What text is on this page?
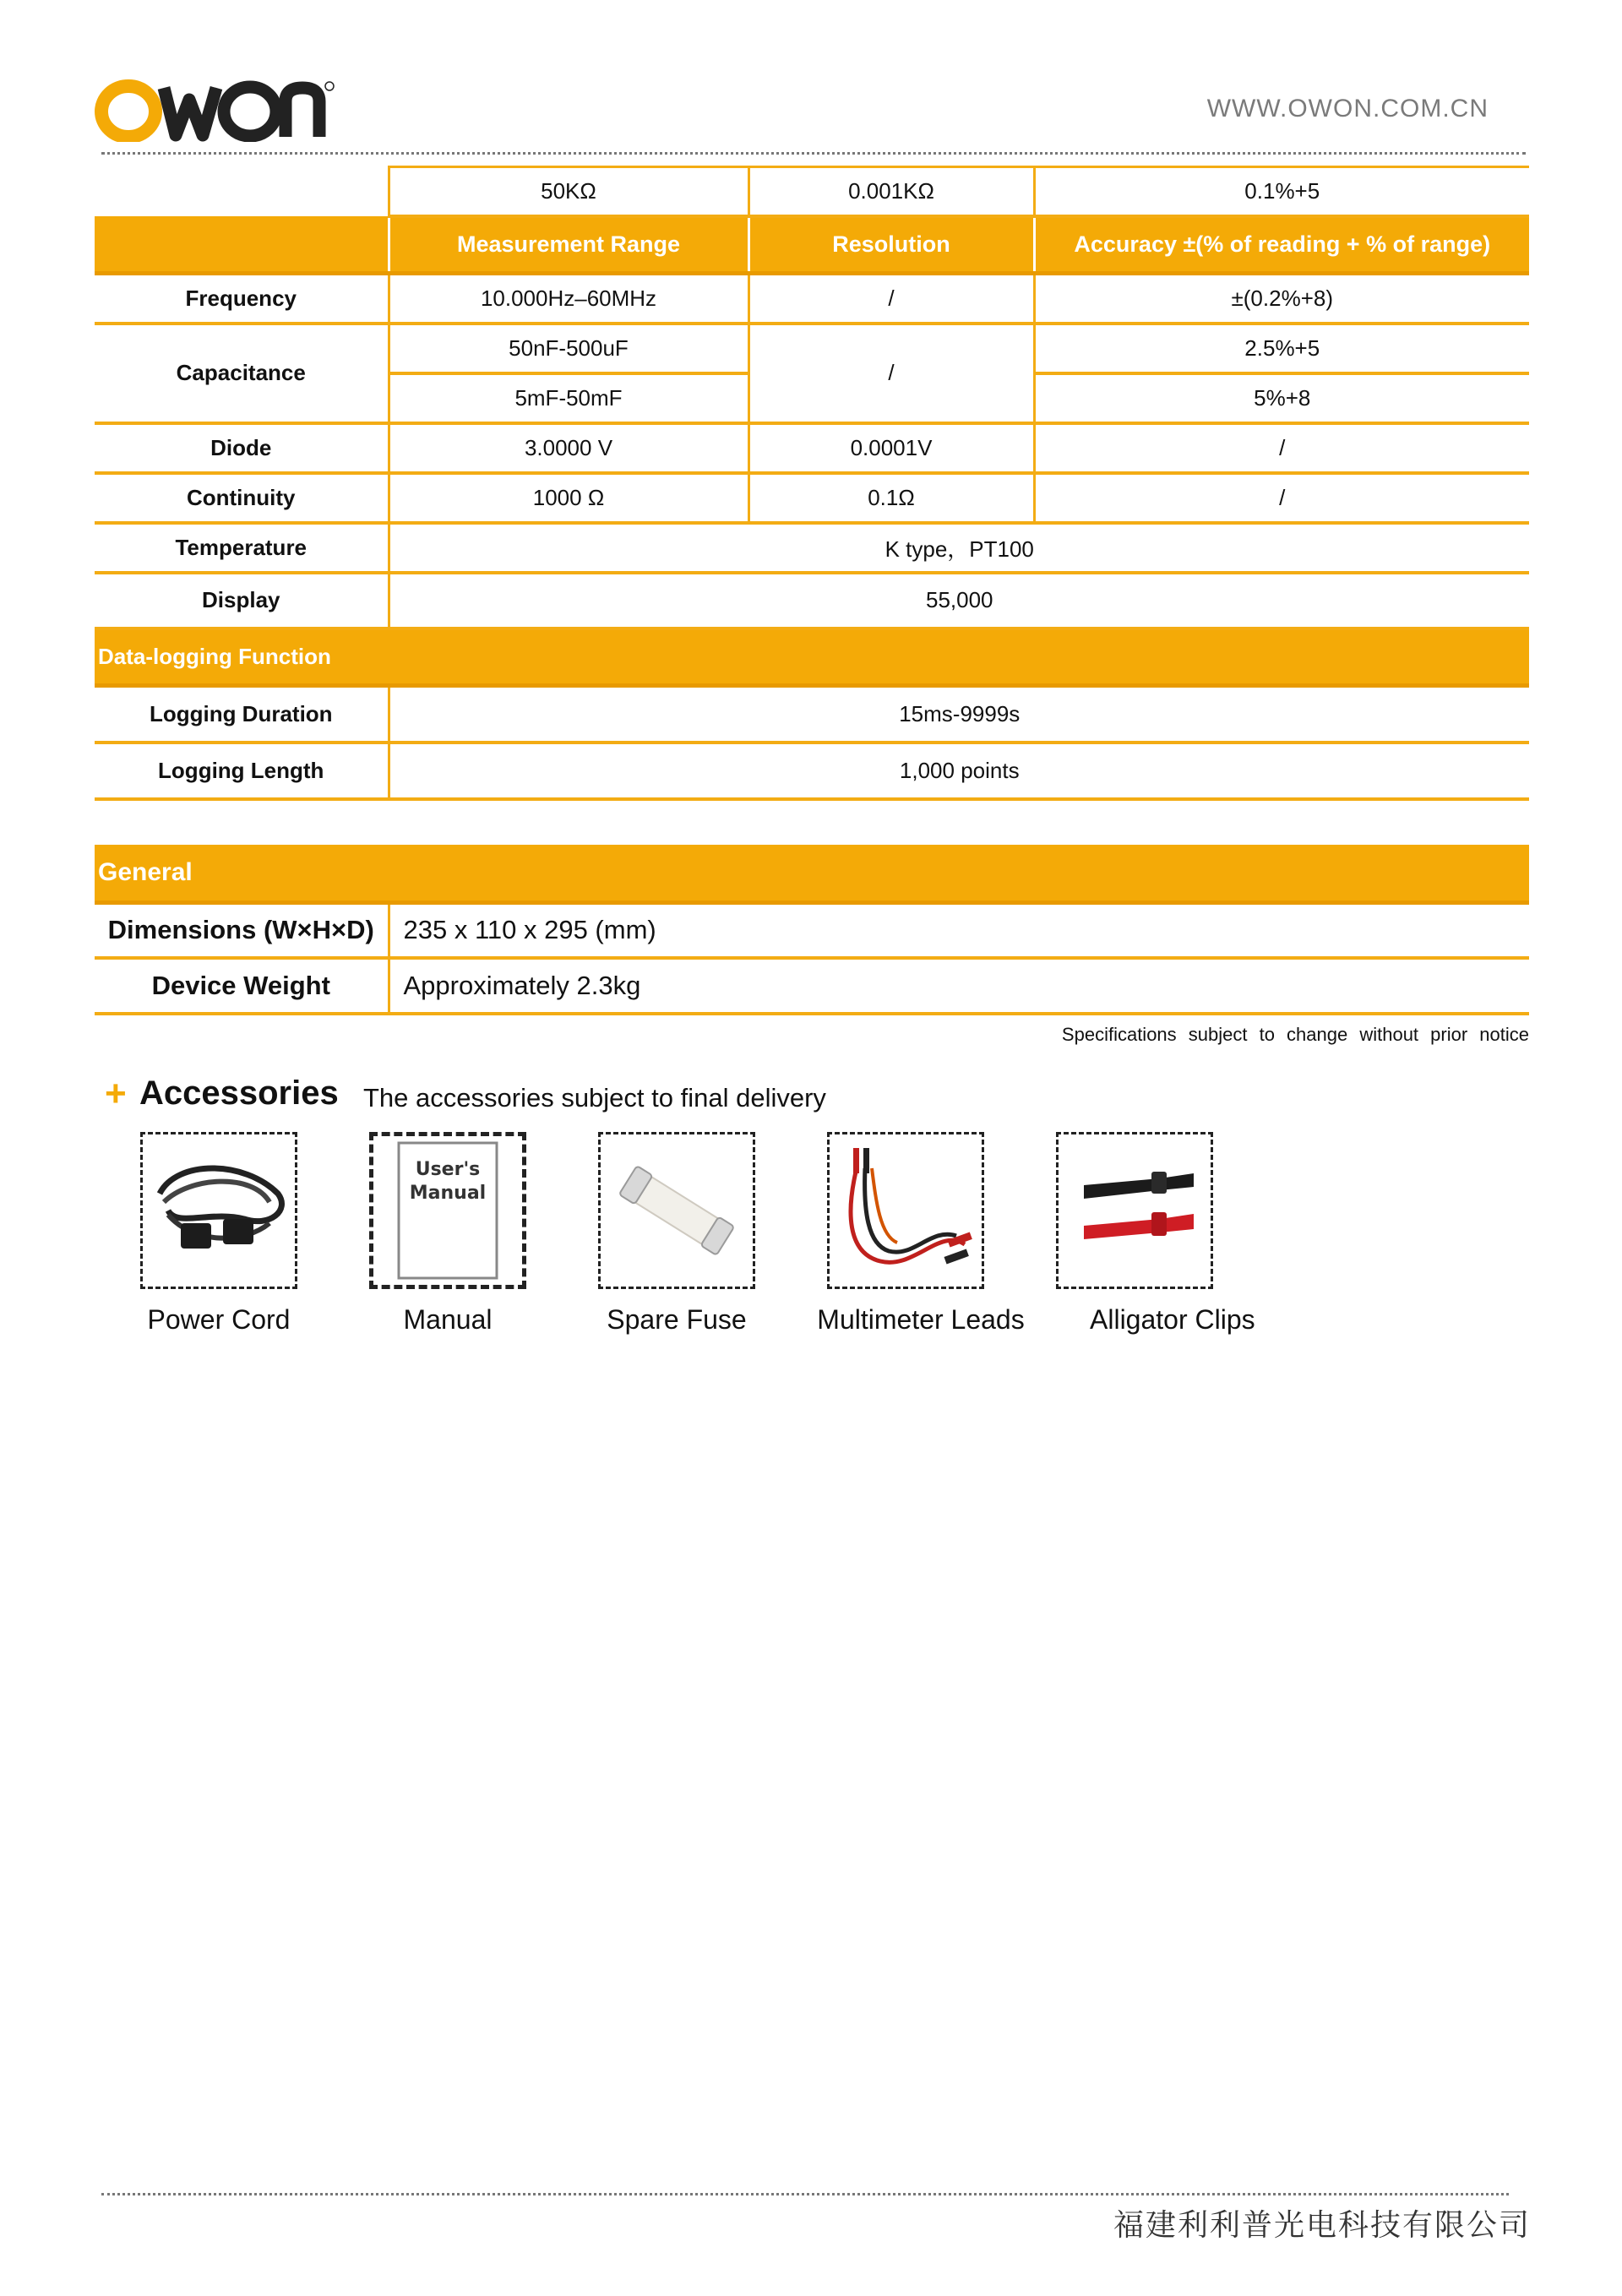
WWW.OWON.COM.CN
	50KΩ	0.001KΩ	0.1%+5
	Measurement Range	Resolution	Accuracy ±(% of reading + % of range)
Frequency	10.000Hz–60MHz	/	±(0.2%+8)
Capacitance	50nF-500uF	/	2.5%+5
	5mF-50mF		5%+8
Diode	3.0000 V	0.0001V	/
Continuity	1000 Ω	0.1Ω	/
Temperature	K type，PT100		
Display	55,000		
Data-logging Function			
Logging Duration	15ms-9999s		
Logging Length	1,000 points		
General	
Dimensions (W×H×D)	235 x 110 x 295 (mm)
Device Weight	Approximately 2.3kg
Specifications subject to change without prior notice
+ Accessories The accessories subject to final delivery
User's
Manual
Power Cord	Manual	Spare Fuse	Multimeter Leads	Alligator Clips
福建利利普光电科技有限公司
